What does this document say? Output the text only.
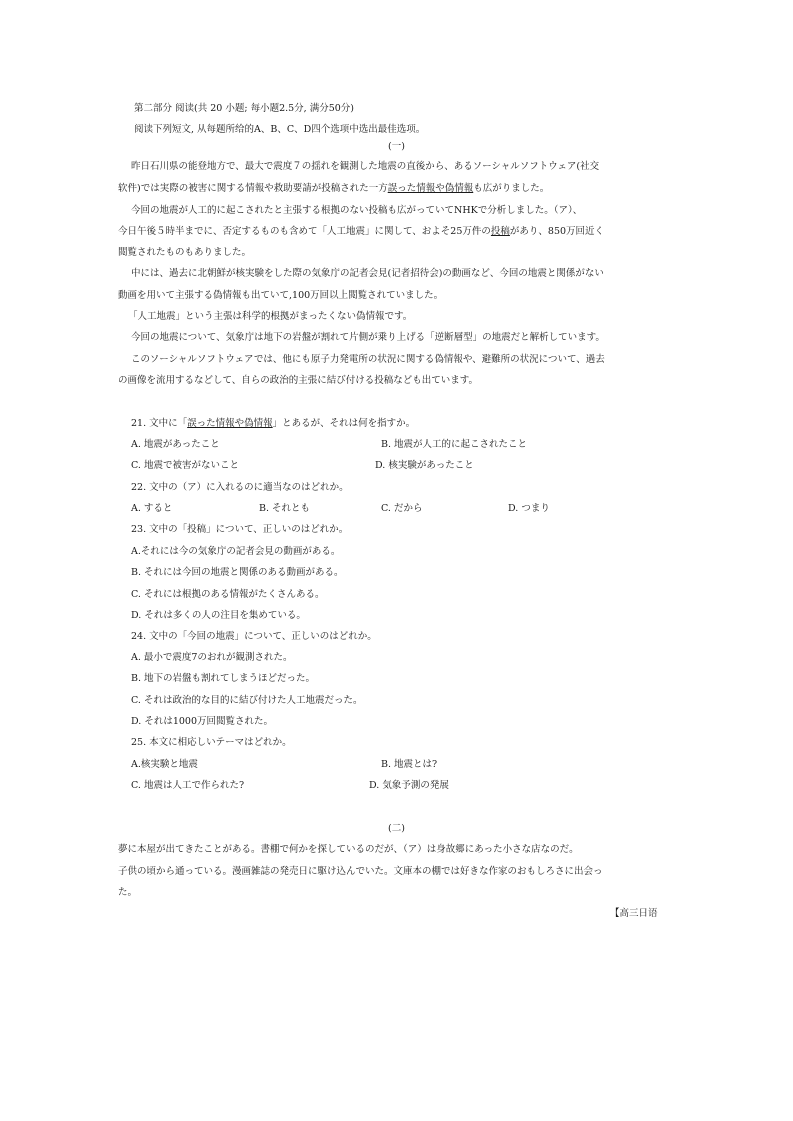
第二部分 阅读(共 20 小题; 每小题2.5分, 满分50分)

阅读下列短文, 从每题所给的A、B、C、D四个选项中选出最佳选项。

(一)

昨日石川県の能登地方で、最大で震度７の揺れを観測した地震の直後から、あるソーシャルソフトウェア(社交

软件)では実際の被害に関する情報や救助要請が投稿された一方誤った情報や偽情報も広がりました。

今回の地震が人工的に起こされたと主張する根拠のない投稿も広がっていてNHKで分析しました。（ア）、

今日午後５時半までに、否定するものも含めて「人工地震」に関して、およそ25万件の投稿があり、850万回近く

閲覧されたものもありました。

中には、過去に北朝鮮が核実験をした際の気象庁の記者会見(记者招待会)の動画など、今回の地震と関係がない

動画を用いて主張する偽情報も出ていて,100万回以上閲覧されていました。

「人工地震」という主張は科学的根拠がまったくない偽情報です。

今回の地震について、気象庁は地下の岩盤が割れて片側が乗り上げる「逆断層型」の地震だと解析しています。

このソーシャルソフトウェアでは、他にも原子力発電所の状況に関する偽情報や、避難所の状況について、過去

の画像を流用するなどして、自らの政治的主張に結び付ける投稿なども出ています。

21. 文中に「誤った情報や偽情報」とあるが、それは何を指すか。

A. 地震があったこと	B. 地震が人工的に起こされたこと
C. 地震で被害がないこと	D. 核実験があったこと

22. 文中の（ア）に入れるのに適当なのはどれか。

A. すると	B. それとも	C. だから	D. つまり

23. 文中の「投稿」について、正しいのはどれか。

A.それには今の気象庁の記者会見の動画がある。
B. それには今回の地震と関係のある動画がある。
C. それには根拠のある情報がたくさんある。
D. それは多くの人の注目を集めている。

24. 文中の「今回の地震」について、正しいのはどれか。

A. 最小で震度7のおれが観測された。
B. 地下の岩盤も割れてしまうほどだった。
C. それは政治的な目的に結び付けた人工地震だった。
D. それは1000万回閲覧された。

25. 本文に相応しいテーマはどれか。

A.核実験と地震	B. 地震とは?
C. 地震は人工で作られた?	D. 気象予測の発展

(二)

夢に本屋が出てきたことがある。書棚で何かを探しているのだが、（ア）は身故郷にあった小さな店なのだ。

子供の頃から通っている。漫画雑誌の発売日に駆け込んでいた。文庫本の棚では好きな作家のおもしろさに出会っ

た。

【高三日语
